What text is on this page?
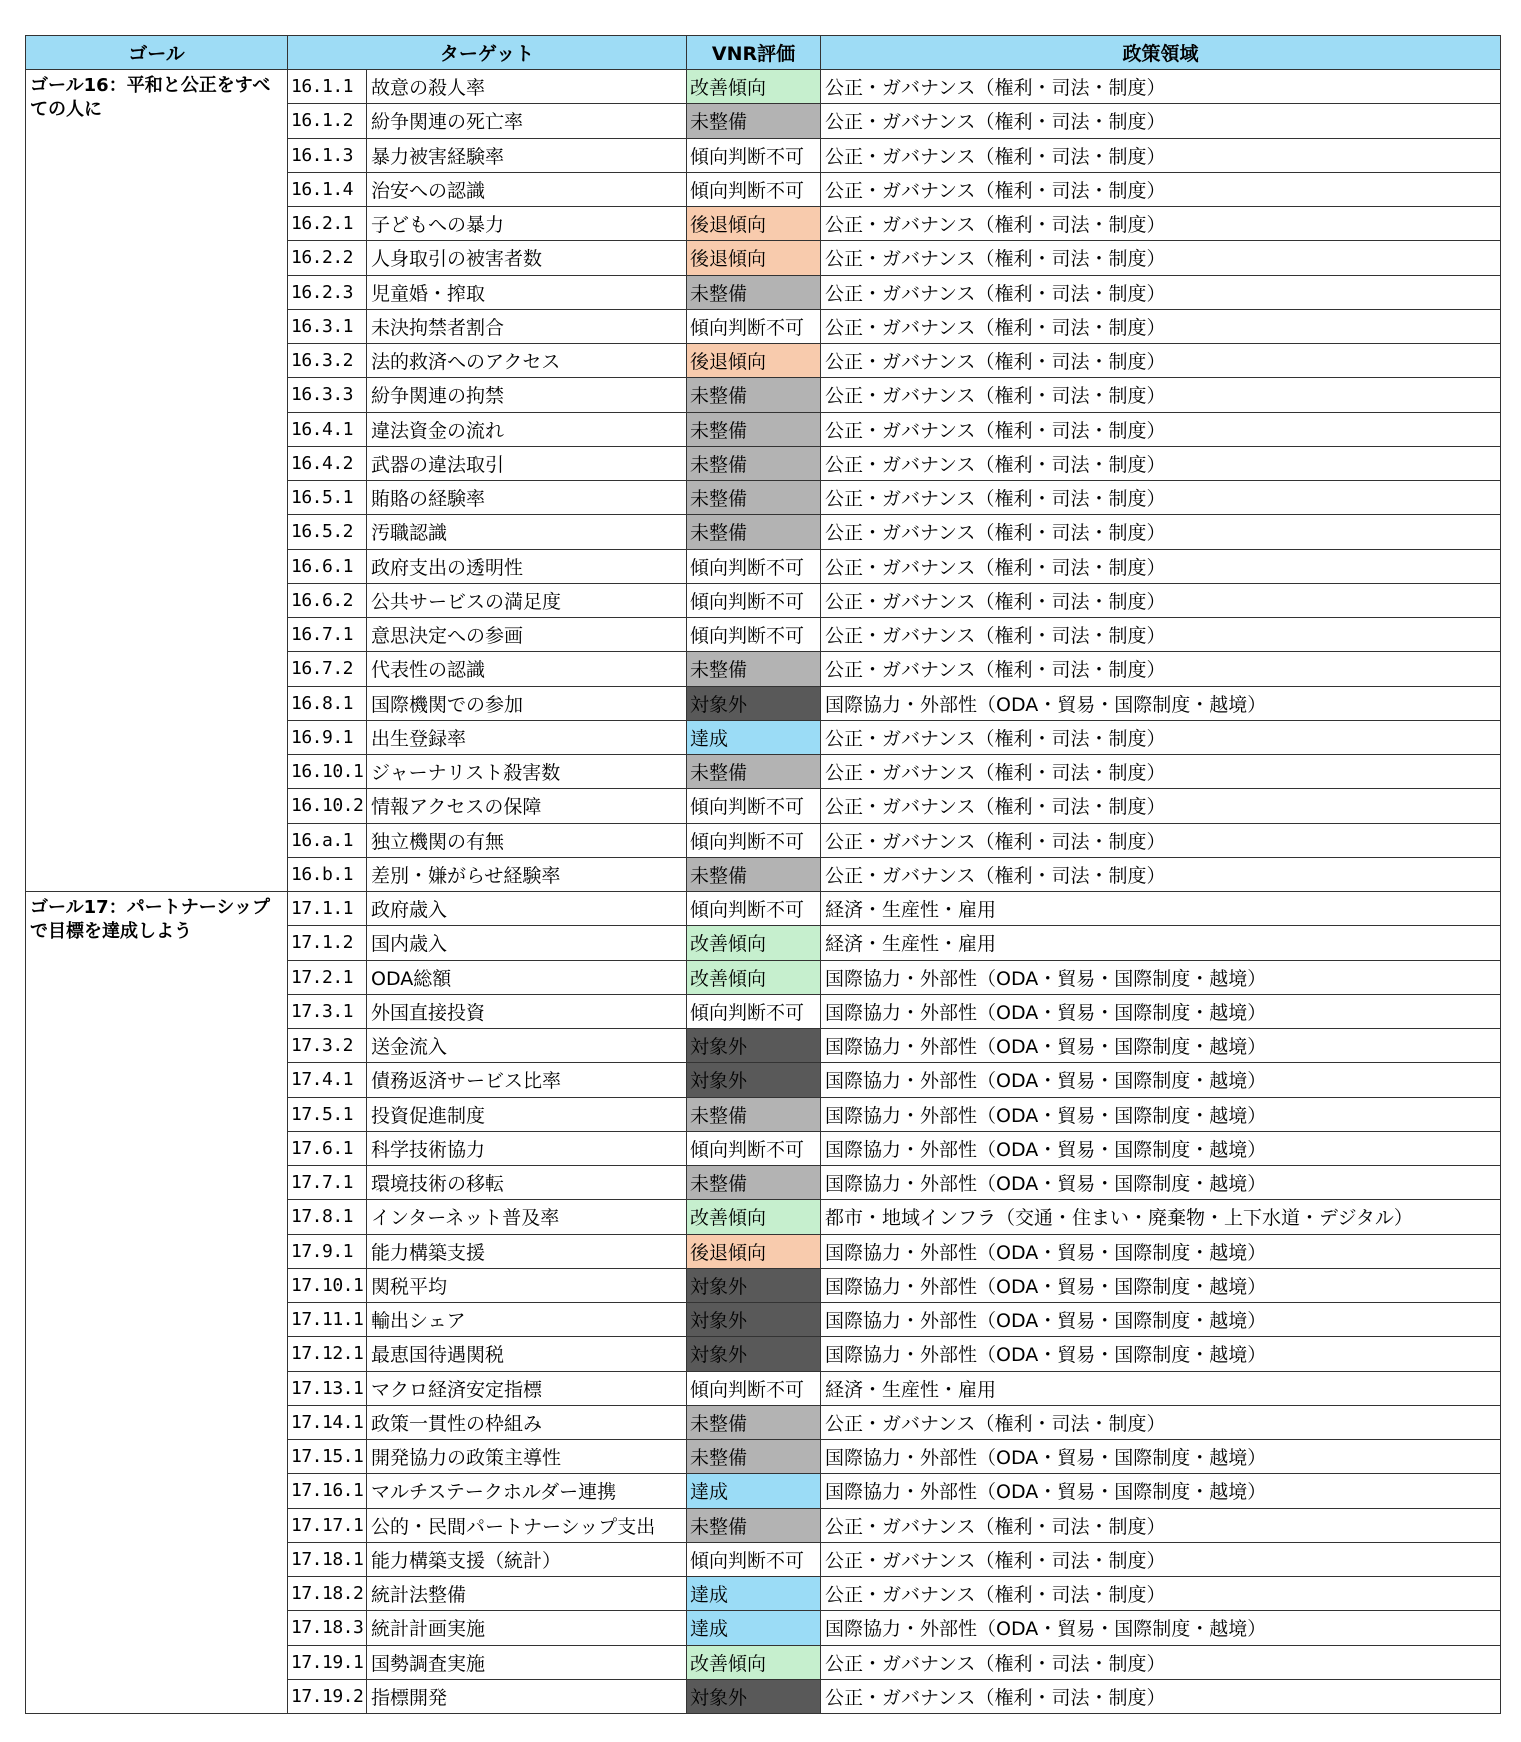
ゴール	ターゲット		VNR評価	政策領域
ゴール16：平和と公正をすべての人に	16.1.1	故意の殺人率	改善傾向	公正・ガバナンス（権利・司法・制度）
	16.1.2	紛争関連の死亡率	未整備	公正・ガバナンス（権利・司法・制度）
	16.1.3	暴力被害経験率	傾向判断不可	公正・ガバナンス（権利・司法・制度）
	16.1.4	治安への認識	傾向判断不可	公正・ガバナンス（権利・司法・制度）
	16.2.1	子どもへの暴力	後退傾向	公正・ガバナンス（権利・司法・制度）
	16.2.2	人身取引の被害者数	後退傾向	公正・ガバナンス（権利・司法・制度）
	16.2.3	児童婚・搾取	未整備	公正・ガバナンス（権利・司法・制度）
	16.3.1	未決拘禁者割合	傾向判断不可	公正・ガバナンス（権利・司法・制度）
	16.3.2	法的救済へのアクセス	後退傾向	公正・ガバナンス（権利・司法・制度）
	16.3.3	紛争関連の拘禁	未整備	公正・ガバナンス（権利・司法・制度）
	16.4.1	違法資金の流れ	未整備	公正・ガバナンス（権利・司法・制度）
	16.4.2	武器の違法取引	未整備	公正・ガバナンス（権利・司法・制度）
	16.5.1	賄賂の経験率	未整備	公正・ガバナンス（権利・司法・制度）
	16.5.2	汚職認識	未整備	公正・ガバナンス（権利・司法・制度）
	16.6.1	政府支出の透明性	傾向判断不可	公正・ガバナンス（権利・司法・制度）
	16.6.2	公共サービスの満足度	傾向判断不可	公正・ガバナンス（権利・司法・制度）
	16.7.1	意思決定への参画	傾向判断不可	公正・ガバナンス（権利・司法・制度）
	16.7.2	代表性の認識	未整備	公正・ガバナンス（権利・司法・制度）
	16.8.1	国際機関での参加	対象外	国際協力・外部性（ODA・貿易・国際制度・越境）
	16.9.1	出生登録率	達成	公正・ガバナンス（権利・司法・制度）
	16.10.1	ジャーナリスト殺害数	未整備	公正・ガバナンス（権利・司法・制度）
	16.10.2	情報アクセスの保障	傾向判断不可	公正・ガバナンス（権利・司法・制度）
	16.a.1	独立機関の有無	傾向判断不可	公正・ガバナンス（権利・司法・制度）
	16.b.1	差別・嫌がらせ経験率	未整備	公正・ガバナンス（権利・司法・制度）
ゴール17：パートナーシップで目標を達成しよう	17.1.1	政府歳入	傾向判断不可	経済・生産性・雇用
	17.1.2	国内歳入	改善傾向	経済・生産性・雇用
	17.2.1	ODA総額	改善傾向	国際協力・外部性（ODA・貿易・国際制度・越境）
	17.3.1	外国直接投資	傾向判断不可	国際協力・外部性（ODA・貿易・国際制度・越境）
	17.3.2	送金流入	対象外	国際協力・外部性（ODA・貿易・国際制度・越境）
	17.4.1	債務返済サービス比率	対象外	国際協力・外部性（ODA・貿易・国際制度・越境）
	17.5.1	投資促進制度	未整備	国際協力・外部性（ODA・貿易・国際制度・越境）
	17.6.1	科学技術協力	傾向判断不可	国際協力・外部性（ODA・貿易・国際制度・越境）
	17.7.1	環境技術の移転	未整備	国際協力・外部性（ODA・貿易・国際制度・越境）
	17.8.1	インターネット普及率	改善傾向	都市・地域インフラ（交通・住まい・廃棄物・上下水道・デジタル）
	17.9.1	能力構築支援	後退傾向	国際協力・外部性（ODA・貿易・国際制度・越境）
	17.10.1	関税平均	対象外	国際協力・外部性（ODA・貿易・国際制度・越境）
	17.11.1	輸出シェア	対象外	国際協力・外部性（ODA・貿易・国際制度・越境）
	17.12.1	最恵国待遇関税	対象外	国際協力・外部性（ODA・貿易・国際制度・越境）
	17.13.1	マクロ経済安定指標	傾向判断不可	経済・生産性・雇用
	17.14.1	政策一貫性の枠組み	未整備	公正・ガバナンス（権利・司法・制度）
	17.15.1	開発協力の政策主導性	未整備	国際協力・外部性（ODA・貿易・国際制度・越境）
	17.16.1	マルチステークホルダー連携	達成	国際協力・外部性（ODA・貿易・国際制度・越境）
	17.17.1	公的・民間パートナーシップ支出	未整備	公正・ガバナンス（権利・司法・制度）
	17.18.1	能力構築支援（統計）	傾向判断不可	公正・ガバナンス（権利・司法・制度）
	17.18.2	統計法整備	達成	公正・ガバナンス（権利・司法・制度）
	17.18.3	統計計画実施	達成	国際協力・外部性（ODA・貿易・国際制度・越境）
	17.19.1	国勢調査実施	改善傾向	公正・ガバナンス（権利・司法・制度）
	17.19.2	指標開発	対象外	公正・ガバナンス（権利・司法・制度）
